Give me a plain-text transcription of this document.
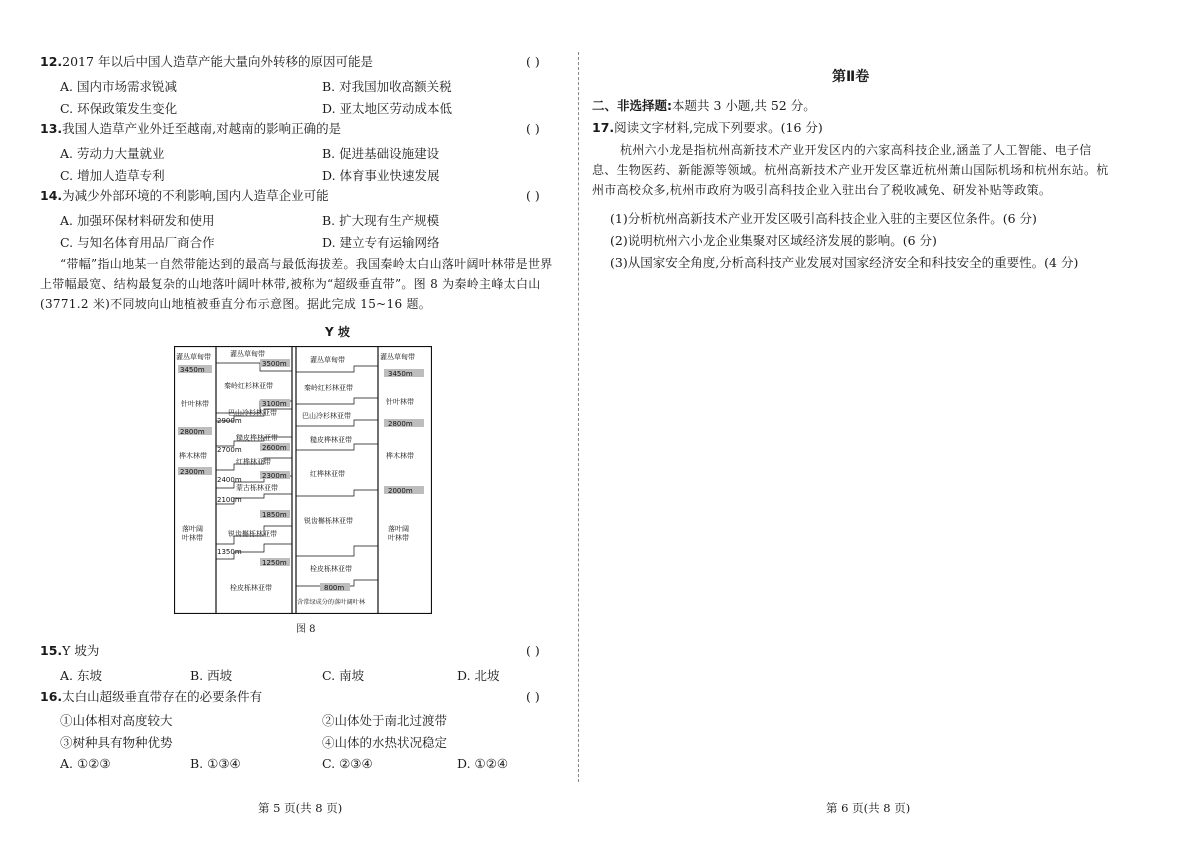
12.2017 年以后中国人造草产能大量向外转移的原因可能是	( )
A. 国内市场需求锐减	B. 对我国加收高额关税
C. 环保政策发生变化	D. 亚太地区劳动成本低
13.我国人造草产业外迁至越南,对越南的影响正确的是	( )
A. 劳动力大量就业	B. 促进基础设施建设
C. 增加人造草专利	D. 体育事业快速发展
14.为减少外部环境的不利影响,国内人造草企业可能	( )
A. 加强环保材料研发和使用	B. 扩大现有生产规模
C. 与知名体育用品厂商合作	D. 建立专有运输网络
“带幅”指山地某一自然带能达到的最高与最低海拔差。我国秦岭太白山落叶阔叶林带是世界
上带幅最宽、结构最复杂的山地落叶阔叶林带,被称为“超级垂直带”。图 8 为秦岭主峰太白山
(3771.2 米)不同坡向山地植被垂直分布示意图。据此完成 15~16 题。
Y 坡
灌丛草甸带
3450m
针叶林带
2800m
桦木林带
2300m
落叶阔
叶林带
灌丛草甸带
3500m
秦岭红杉林亚带
3100m
巴山冷杉林亚带
2900m
糙皮桦林亚带
2600m
2700m
红桦林亚带
2300m
2400m
蒙古栎林亚带
2100m
1850m
锐齿槲栎林亚带
1350m
1250m
栓皮栎林亚带
灌丛草甸带
秦岭红杉林亚带
巴山冷杉林亚带
糙皮桦林亚带
红桦林亚带
锐齿槲栎林亚带
栓皮栎林亚带
800m
含常绿成分的落叶阔叶林
灌丛草甸带
3450m
针叶林带
2800m
桦木林带
2000m
落叶阔
叶林带
图 8
15.Y 坡为	( )
A. 东坡	B. 西坡	C. 南坡	D. 北坡
16.太白山超级垂直带存在的必要条件有	( )
①山体相对高度较大	②山体处于南北过渡带
③树种具有物种优势	④山体的水热状况稳定
A. ①②③	B. ①③④	C. ②③④	D. ①②④
第 5 页(共 8 页)
第Ⅱ卷
二、非选择题:本题共 3 小题,共 52 分。
17.阅读文字材料,完成下列要求。(16 分)
杭州六小龙是指杭州高新技术产业开发区内的六家高科技企业,涵盖了人工智能、电子信
息、生物医药、新能源等领域。杭州高新技术产业开发区靠近杭州萧山国际机场和杭州东站。杭
州市高校众多,杭州市政府为吸引高科技企业入驻出台了税收减免、研发补贴等政策。
(1)分析杭州高新技术产业开发区吸引高科技企业入驻的主要区位条件。(6 分)
(2)说明杭州六小龙企业集聚对区域经济发展的影响。(6 分)
(3)从国家安全角度,分析高科技产业发展对国家经济安全和科技安全的重要性。(4 分)
第 6 页(共 8 页)
